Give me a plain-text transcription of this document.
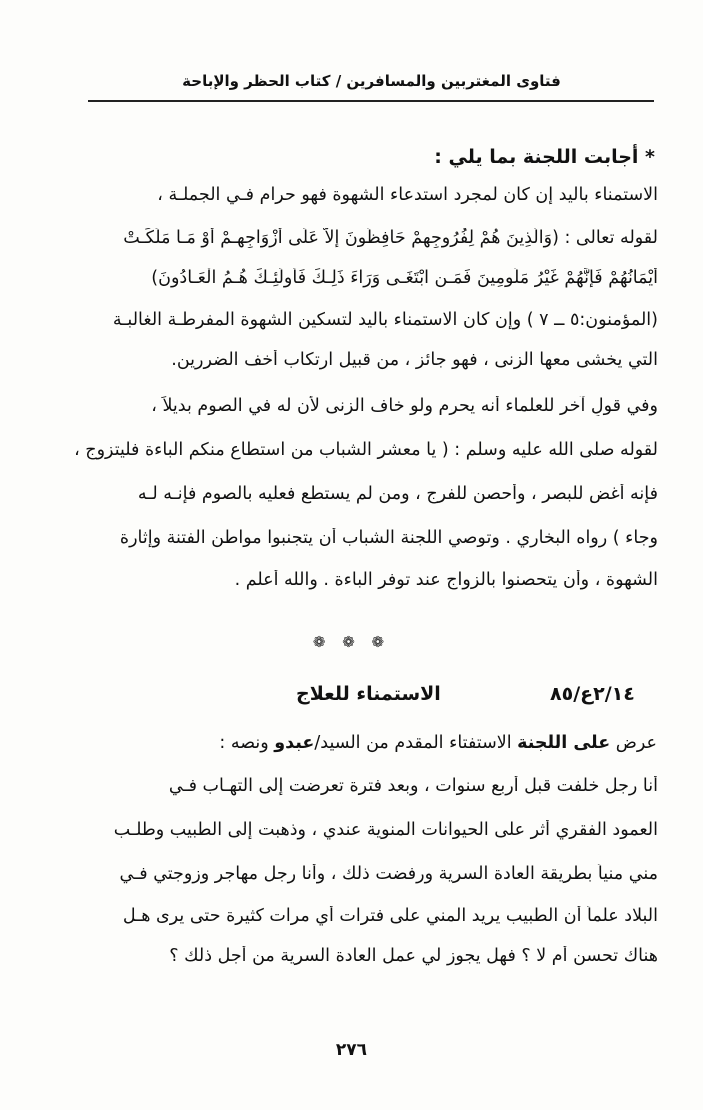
فتاوى المغتربين والمسافرين / كتاب الحظر والإباحة
* أجابت اللجنة بما يلي :
الاستمناء باليد إن كان لمجرد استدعاء الشهوة فهو حرام فـي الجملـة ،
لقوله تعالى : (وَالَّذِينَ هُمْ لِفُرُوجِهِمْ حَافِظُونَ إِلاَّ عَلَى أَزْوَاجِهِـمْ أَوْ مَـا مَلَكَـتْ
أَيْمَانُهُمْ فَإِنَّهُمْ غَيْرُ مَلُومِينَ فَمَـنِ ابْتَغَـى وَرَاءَ ذَلِـكَ فَأُولَئِـكَ هُـمُ الْعَـادُونَ)
(المؤمنون:٥ ــ ٧ ) وإن كان الاستمناء باليد لتسكين الشهوة المفرطـة الغالبـة
التي يخشى معها الزنى ، فهو جائز ، من قبيل ارتكاب أخف الضررين.
وفي قولٍ آخر للعلماء أنه يحرم ولو خاف الزنى لأن له في الصوم بديلاً ،
لقوله صلى الله عليه وسلم : ( يا معشر الشباب من استطاع منكم الباءة فليتزوج ،
فإنه أغض للبصر ، وأحصن للفرج ، ومن لم يستطع فعليه بالصوم فإنـه لـه
وجاء ) رواه البخاري . وتوصي اللجنة الشباب أن يتجنبوا مواطن الفتنة وإثارة
الشهوة ، وأن يتحصنوا بالزواج عند توفر الباءة . والله أعلم .
❁ ❁ ❁
٢/١٤ع/٨٥
الاستمناء للعلاج
عرض على اللجنة الاستفتاء المقدم من السيد/عبدو ونصه :
أنا رجل خلفت قبل أربع سنوات ، وبعد فترة تعرضت إلى التهـاب فـي
العمود الفقري أثر على الحيوانات المنوية عندي ، وذهبت إلى الطبيب وطلـب
مني منياً بطريقة العادة السرية ورفضت ذلك ، وأنا رجل مهاجر وزوجتي فـي
البلاد علماً أن الطبيب يريد المني على فترات أي مرات كثيرة حتى يرى هـل
هناك تحسن أم لا ؟ فهل يجوز لي عمل العادة السرية من أجل ذلك ؟
٢٧٦
